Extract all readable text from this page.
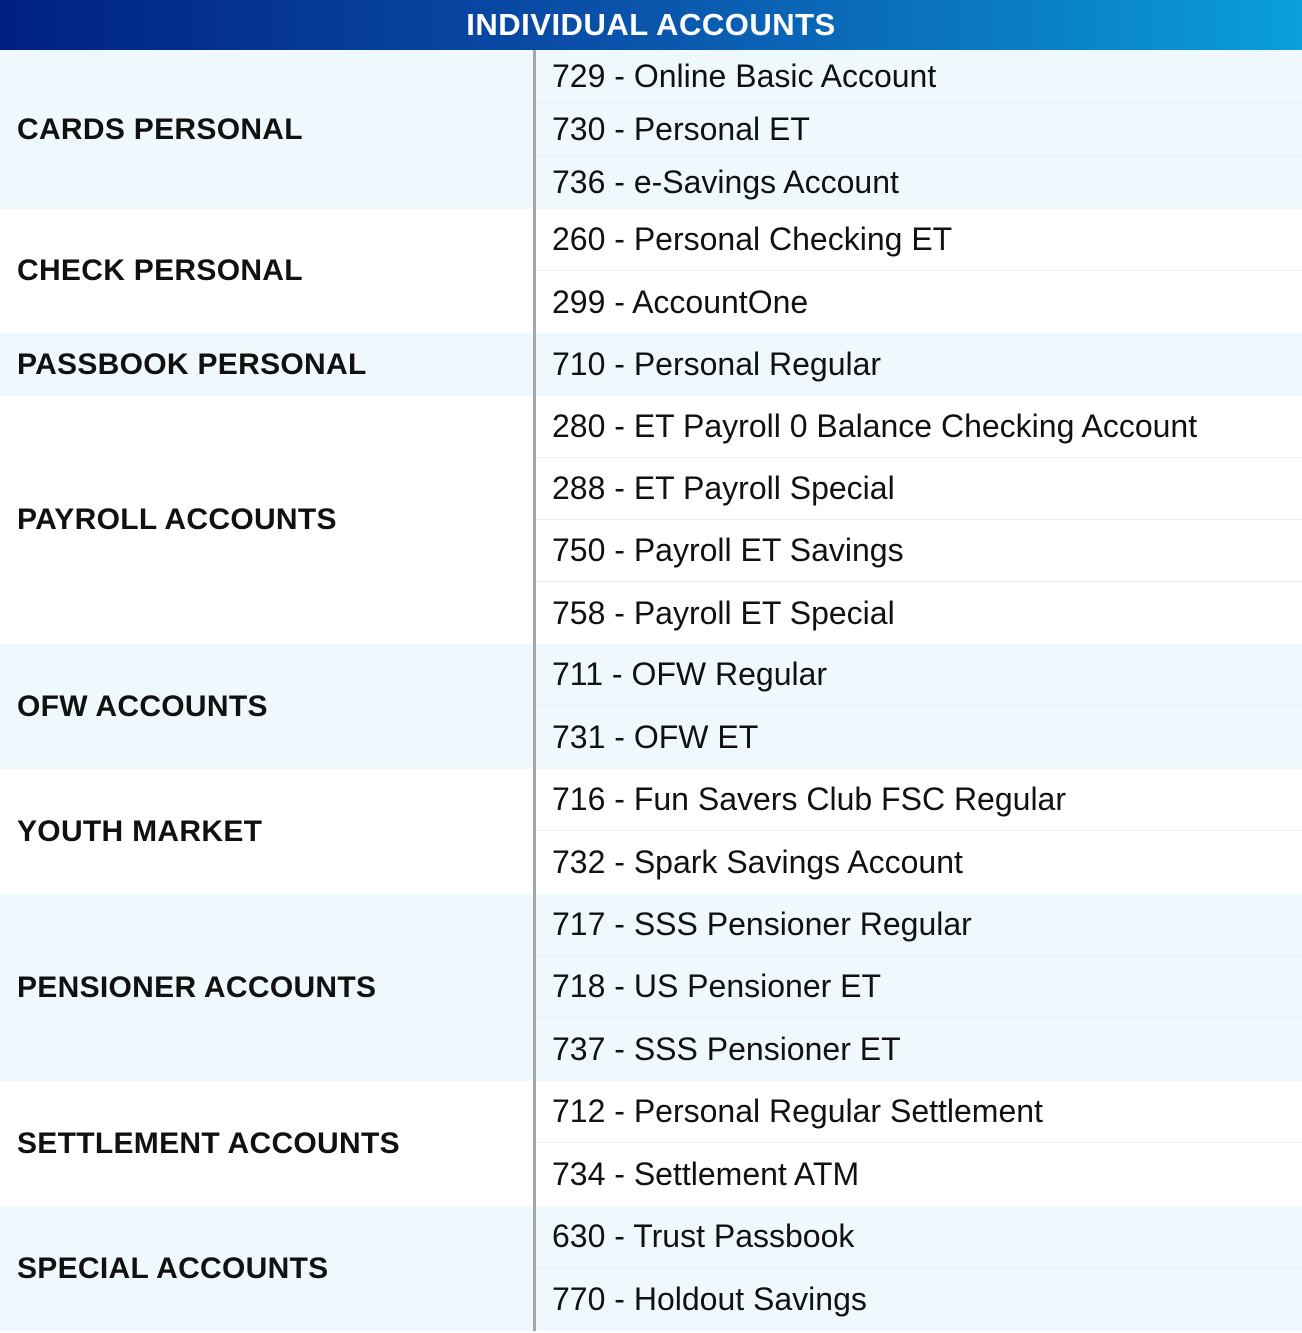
INDIVIDUAL ACCOUNTS
CARDS PERSONAL
729 - Online Basic Account
730 - Personal ET
736 - e-Savings Account
CHECK PERSONAL
260 - Personal Checking ET
299 - AccountOne
PASSBOOK PERSONAL	710 - Personal Regular
PAYROLL ACCOUNTS
280 - ET Payroll 0 Balance Checking Account
288 - ET Payroll Special
750 - Payroll ET Savings
758 - Payroll ET Special
OFW ACCOUNTS
711 - OFW Regular
731 - OFW ET
YOUTH MARKET
716 - Fun Savers Club FSC Regular
732 - Spark Savings Account
PENSIONER ACCOUNTS
717 - SSS Pensioner Regular
718 - US Pensioner ET
737 - SSS Pensioner ET
SETTLEMENT ACCOUNTS
712 - Personal Regular Settlement
734 - Settlement ATM
SPECIAL ACCOUNTS
630 - Trust Passbook
770 - Holdout Savings
